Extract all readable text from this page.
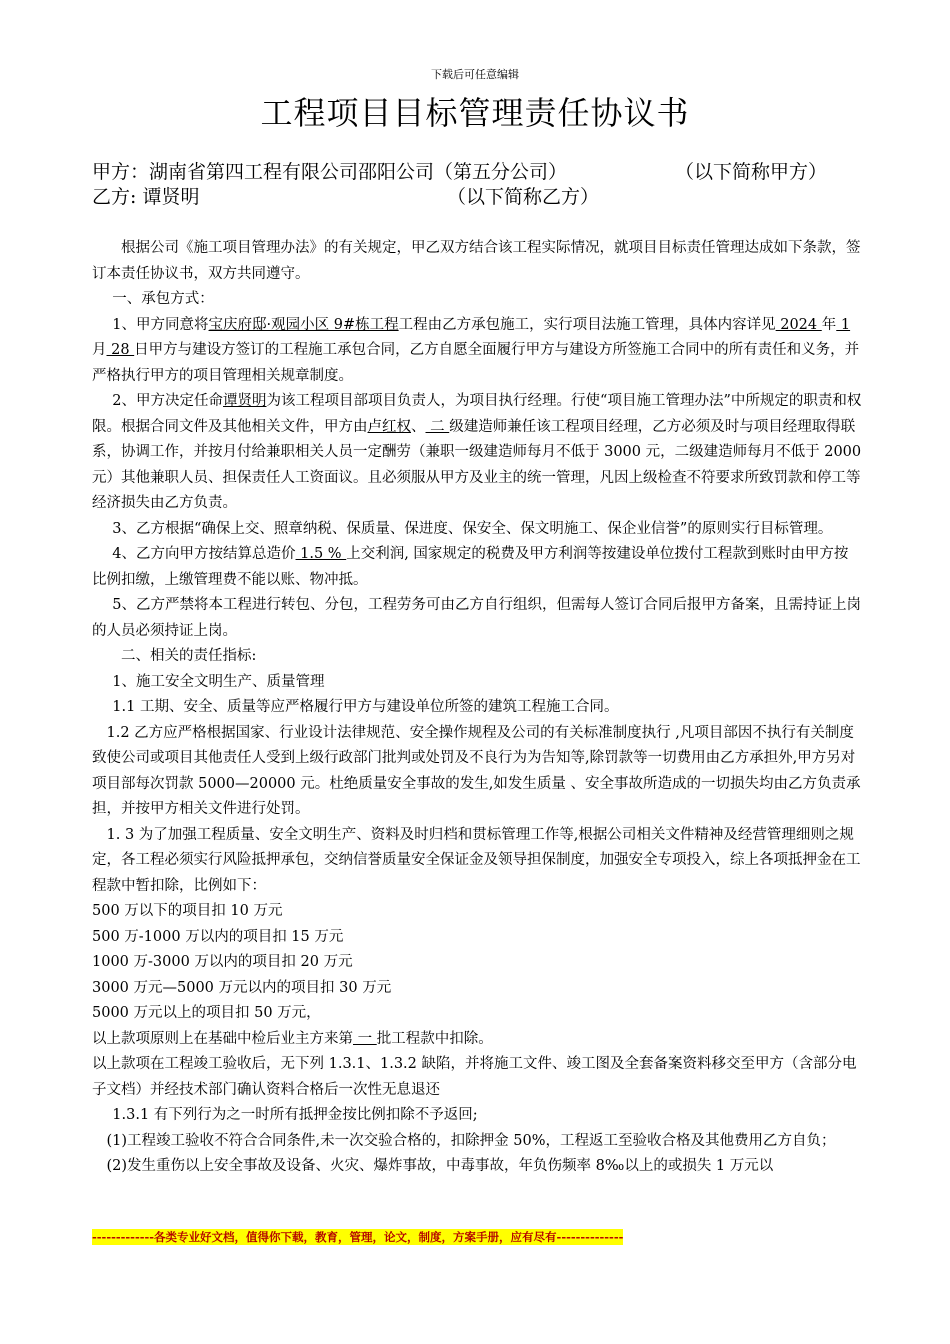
下载后可任意编辑
工程项目目标管理责任协议书
甲方：湖南省第四工程有限公司邵阳公司（第五分公司）	（以下简称甲方）
乙方: 谭贤明	（以下简称乙方）

根据公司《施工项目管理办法》的有关规定，甲乙双方结合该工程实际情况，就项目目标责任管理达成如下条款，签订本责任协议书，双方共同遵守。

一、承包方式：

1、甲方同意将宝庆府邸·观园小区 9#栋工程工程由乙方承包施工，实行项目法施工管理，具体内容详见 2024 年 1 月 28 日甲方与建设方签订的工程施工承包合同，乙方自愿全面履行甲方与建设方所签施工合同中的所有责任和义务，并严格执行甲方的项目管理相关规章制度。

2、甲方决定任命谭贤明为该工程项目部项目负责人，为项目执行经理。行使“项目施工管理办法”中所规定的职责和权限。根据合同文件及其他相关文件，甲方由卢红权、 二 级建造师兼任该工程项目经理，乙方必须及时与项目经理取得联系，协调工作，并按月付给兼职相关人员一定酬劳（兼职一级建造师每月不低于 3000 元，二级建造师每月不低于 2000 元）其他兼职人员、担保责任人工资面议。且必须服从甲方及业主的统一管理，凡因上级检查不符要求所致罚款和停工等经济损失由乙方负责。

3、乙方根据“确保上交、照章纳税、保质量、保进度、保安全、保文明施工、保企业信誉”的原则实行目标管理。

4、乙方向甲方按结算总造价 1.5 % 上交利润, 国家规定的税费及甲方利润等按建设单位拨付工程款到账时由甲方按比例扣缴，上缴管理费不能以账、物冲抵。

5、乙方严禁将本工程进行转包、分包，工程劳务可由乙方自行组织，但需每人签订合同后报甲方备案，且需持证上岗的人员必须持证上岗。

二、相关的责任指标:

1、施工安全文明生产、质量管理

1.1 工期、安全、质量等应严格履行甲方与建设单位所签的建筑工程施工合同。

1.2 乙方应严格根据国家、行业设计法律规范、安全操作规程及公司的有关标准制度执行 ,凡项目部因不执行有关制度致使公司或项目其他责任人受到上级行政部门批判或处罚及不良行为为告知等,除罚款等一切费用由乙方承担外,甲方另对项目部每次罚款 5000—20000 元。杜绝质量安全事故的发生,如发生质量 、安全事故所造成的一切损失均由乙方负责承担，并按甲方相关文件进行处罚。

1. 3 为了加强工程质量、安全文明生产、资料及时归档和贯标管理工作等,根据公司相关文件精神及经营管理细则之规定，各工程必须实行风险抵押承包，交纳信誉质量安全保证金及领导担保制度，加强安全专项投入，综上各项抵押金在工程款中暂扣除，比例如下：

500 万以下的项目扣 10 万元

500 万-1000 万以内的项目扣 15 万元

1000 万-3000 万以内的项目扣 20 万元

3000 万元—5000 万元以内的项目扣 30 万元

5000 万元以上的项目扣 50 万元，

以上款项原则上在基础中检后业主方来第 一 批工程款中扣除。

以上款项在工程竣工验收后，无下列 1.3.1、1.3.2 缺陷，并将施工文件、竣工图及全套备案资料移交至甲方（含部分电子文档）并经技术部门确认资料合格后一次性无息退还

1.3.1 有下列行为之一时所有抵押金按比例扣除不予返回;

(1)工程竣工验收不符合合同条件,未一次交验合格的，扣除押金 50%，工程返工至验收合格及其他费用乙方自负；

(2)发生重伤以上安全事故及设备、火灾、爆炸事故，中毒事故，年负伤频率 8‰以上的或损失 1 万元以

-------------各类专业好文档，值得你下载，教育，管理，论文，制度，方案手册，应有尽有--------------
